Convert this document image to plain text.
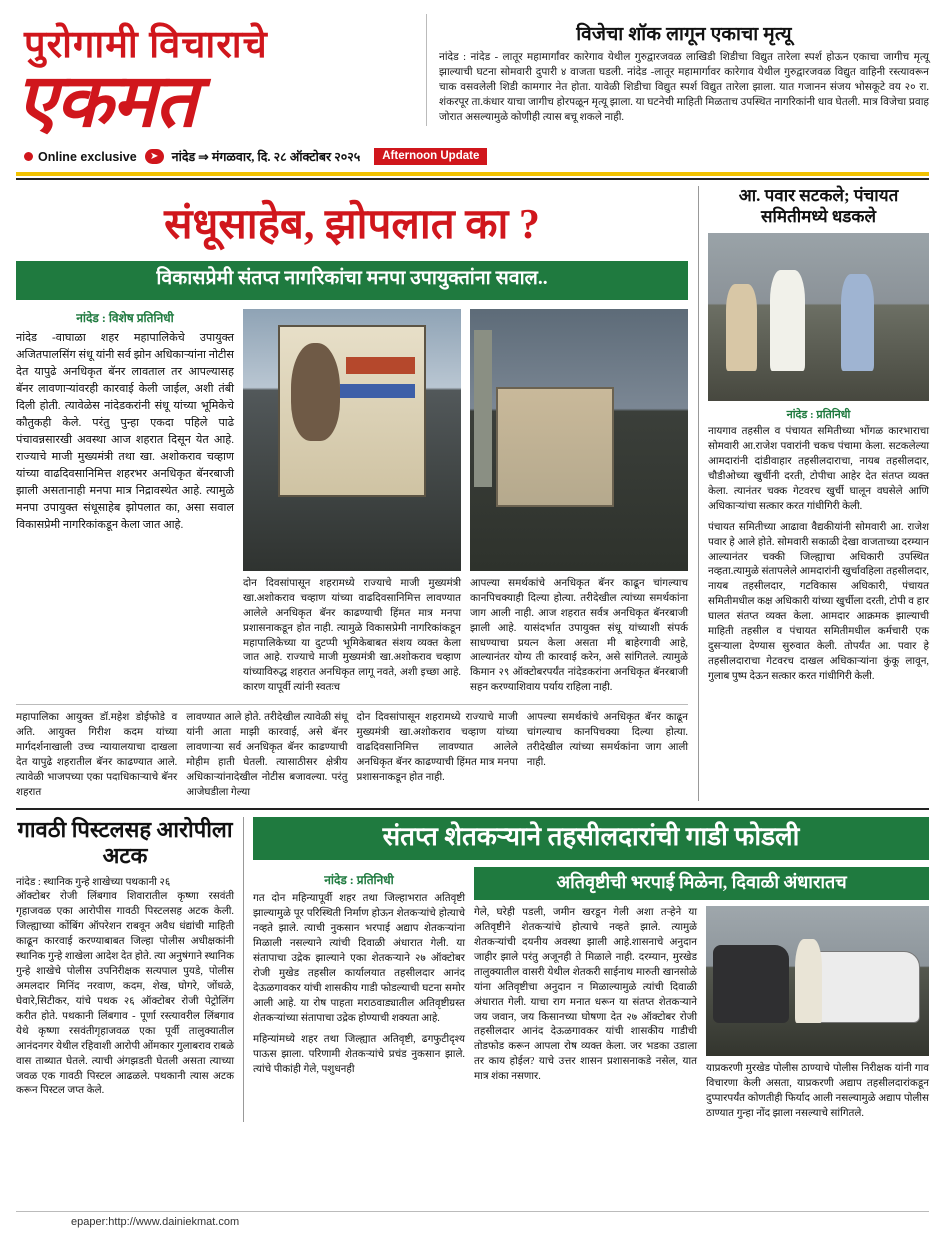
पुरोगामी विचाराचे
एकमत
विजेचा शॉक लागून एकाचा मृत्यू
नांदेड : नांदेड - लातूर महामार्गांवर कारेगाव येथील गुरुद्वारजवळ लाखिडी शिडीचा विद्युत तारेला स्पर्श होऊन एकाचा जागीच मृत्यू झाल्याची घटना सोमवारी दुपारी ४ वाजता घडली. नांदेड -लातूर महामार्गावर कारेगाव येथील गुरुद्वारजवळ विद्युत वाहिनी रस्त्यावरून चाक वसवलेली शिडी कामगार नेत होता. यावेळी शिडीचा विद्युत स्पर्श विद्युत तारेला झाला. यात गजानन संजय भोसकूटे वय २० रा. शंकरपूर ता.कंधार याचा जागीच होरपळून मृत्यू झाला. या घटनेची माहिती मिळताच उपस्थित नागरिकांनी धाव घेतली. मात्र विजेचा प्रवाह जोरात असल्यामुळे कोणीही त्यास बचू शकले नाही.
Online exclusive	➤	नांदेड ⇒ मंगळवार, दि. २८ ऑक्टोबर २०२५	Afternoon Update
संधूसाहेब, झोपलात का ?
विकासप्रेमी संतप्त नागरिकांचा मनपा उपायुक्तांना सवाल..
नांदेड : विशेष प्रतिनिधी
नांदेड -वाघाळा शहर महापालिकेचे उपायुक्त अजितपालसिंग संधू यांनी सर्व झोन अधिकाऱ्यांना नोटीस देत यापुढे अनधिकृत बॅनर लावताल तर आपल्यासह बॅनर लावणाऱ्यांवरही कारवाई केली जाईल, अशी तंबी दिली होती. त्यावेळेस नांदेडकरांनी संधू यांच्या भूमिकेचे कौतुकही केले. परंतु पुन्हा एकदा पहिले पाढे पंचावन्नसारखी अवस्था आज शहरात दिसून येत आहे. राज्याचे माजी मुख्यमंत्री तथा खा. अशोकराव चव्हाण यांच्या वाढदिवसानिमित्त शहरभर अनधिकृत बॅनरबाजी झाली असतानाही मनपा मात्र निद्रावस्थेत आहे. त्यामुळे मनपा उपायुक्त संधूसाहेब झोपलात का, असा सवाल विकासप्रेमी नागरिकांकडून केला जात आहे.
दोन दिवसांपासून शहरामध्ये राज्याचे माजी मुख्यमंत्री खा.अशोकराव चव्हाण यांच्या वाढदिवसानिमित्त लावण्यात आलेले अनधिकृत बॅनर काढण्याची हिंमत मात्र मनपा प्रशासनाकडून होत नाही. त्यामुळे विकासप्रेमी नागरिकांकडून महापालिकेच्या या दुटप्पी भूमिकेबाबत संशय व्यक्त केला जात आहे. राज्याचे माजी मुख्यमंत्री खा.अशोकराव चव्हाण यांच्याविरुद्ध शहरात अनधिकृत लागू नवते, अशी इच्छा आहे. कारण यापूर्वी त्यांनी स्वतःच
आपल्या समर्थकांचे अनधिकृत बॅनर काढून चांगल्याच कानपिचक्याही दिल्या होत्या. तरीदेखील त्यांच्या समर्थकांना जाग आली नाही. आज शहरात सर्वत्र अनधिकृत बॅनरबाजी झाली आहे. यासंदर्भात उपायुक्त संधू यांच्याशी संपर्क साधण्याचा प्रयत्न केला असता मी बाहेरगावी आहे, आल्यानंतर योग्य ती कारवाई करेन, असे सांगितले. त्यामुळे किमान २९ ऑक्टोबरपर्यंत नांदेडकरांना अनधिकृत बॅनरबाजी सहन करण्याशिवाय पर्याय राहिला नाही.
महापालिका आयुक्त डॉ.महेश डोईफोडे व अति. आयुक्त गिरीश कदम यांच्या मार्गदर्शनाखाली उच्च न्यायालयाचा दाखला देत यापुढे शहरातील बॅनर काढण्यात आले. त्यावेळी भाजपच्या एका पदाधिकाऱ्याचे बॅनर शहरात
लावण्यात आले होते. तरीदेखील त्यावेळी संधू यांनी आता माझी कारवाई, असे बॅनर लावणाऱ्या सर्व अनधिकृत बॅनर काढण्याची मोहीम हाती घेतली. त्यासाठीसर क्षेत्रीय अधिकाऱ्यांनादेखील नोटीस बजावल्या. परंतु आजेघडीला गेल्या
दोन दिवसांपासून शहरामध्ये राज्याचे माजी मुख्यमंत्री खा.अशोकराव चव्हाण यांच्या वाढदिवसानिमित्त लावण्यात आलेले अनधिकृत बॅनर काढण्याची हिंमत मात्र मनपा प्रशासनाकडून होत नाही.
आपल्या समर्थकांचे अनधिकृत बॅनर काढून चांगल्याच कानपिचक्या दिल्या होत्या. तरीदेखील त्यांच्या समर्थकांना जाग आली नाही.
आ. पवार सटकले; पंचायत समितीमध्ये धडकले
नांदेड : प्रतिनिधी
नायगाव तहसील व पंचायत समितीच्या भोंगळ कारभाराचा सोमवारी आ.राजेश पवारांनी चकच पंचामा केला. सटकलेल्या आमदारांनी दांडीवाहार तहसीलदाराचा, नायब तहसीलदार, चौडीओच्या खुर्चीनी दरती, टोपीचा आहेर देत संतप्त व्यक्त केला. त्यानंतर चक्क गेटवरच खुर्ची घालून वघसेले आणि अधिकाऱ्यांचा सत्कार करत गांधीगिरी केली.
पंचायत समितीच्या आढावा वैद्यकीयांनी सोमवारी आ. राजेश पवार हे आले होते. सोमवारी सकाळी देखा वाजताच्या दरम्यान आल्यानंतर चक्की जिल्ह्याचा अधिकारी उपस्थित नव्हता.त्यामुळे संतापलेले आमदारांनी खुर्चावहिला तहसीलदार, नायब तहसीलदार, गटविकास अधिकारी, पंचायत समितीमधील कक्ष अधिकारी यांच्या खुर्चीला दरती, टोपी व हार घालत संतप्त व्यक्त केला. आमदार आक्रमक झाल्याची माहिती तहसील व पंचायत समितीमधील कर्मचारी एक दुसऱ्याला देण्यास सुरुवात केली. तोपर्यंत आ. पवार हे तहसीलदाराचा गेटवरच दाखल अधिकाऱ्यांना कुंकू लावून, गुलाब पुष्प देऊन सत्कार करत गांधीगिरी केली.
गावठी पिस्टलसह आरोपीला अटक
नांदेड : स्थानिक गुन्हे शाखेच्या पथकानी २६
ऑक्टोबर रोजी लिंबगाव शिवारातील कृष्णा रसवंती गृहाजवळ एका आरोपीस गावठी पिस्टलसह अटक केली. जिल्ह्याच्या कोंबिंग ऑपरेशन राबवून अवैध धंद्यांची माहिती काढून कारवाई करण्याबाबत जिल्हा पोलीस अधीक्षकांनी स्थानिक गुन्हे शाखेला आदेश देत होते. त्या अनुषंगाने स्थानिक गुन्हे शाखेचे पोलीस उपनिरीक्षक सत्यपाल पुयडे, पोलीस अमलदार मिनिंद नरवाण, कदम, शेख, घोगरे, जोंधळे, घेवारे,सिटीकर, यांचे पथक २६ ऑक्टोबर रोजी पेट्रोलिंग करीत होते. पथकानी लिंबगाव - पूर्णा रस्त्यावरील लिंबगाव येथे कृष्णा रसवंतीगृहाजवळ एका पूर्वी तालुक्यातील आनंदनगर येथील रहिवाशी आरोपी ओंमकार गुलाबराव राबळे वास ताब्यात घेतले. त्याची अंगझडती घेतली असता त्याच्या जवळ एक गावठी पिस्टल आढळले. पथकानी त्यास अटक करून पिस्टल जप्त केले.
संतप्त शेतकऱ्याने तहसीलदारांची गाडी फोडली
नांदेड : प्रतिनिधी
गत दोन महिन्यापूर्वी शहर तथा जिल्हाभरात अतिवृष्टी झाल्यामुळे पूर परिस्थिती निर्माण होऊन शेतकऱ्यांचे होत्याचे नव्हते झाले. त्याची नुकसान भरपाई अद्याप शेतकऱ्यांना मिळाली नसल्याने त्यांची दिवाळी अंधारात गेली. या संतापाचा उद्रेक झाल्याने एका शेतकऱ्याने २७ ऑक्टोबर रोजी मुखेड तहसील कार्यालयात तहसीलदार आनंद देऊळगावकर यांची शासकीय गाडी फोडल्याची घटना समोर आली आहे. या रोष पाहता मराठवाड्यातील अतिवृष्टीग्रस्त शेतकऱ्यांच्या संतापाचा उद्रेक होण्याची शक्यता आहे.
महिन्यांमध्ये शहर तथा जिल्ह्यात अतिवृष्टी, ढगफुटीदृश्य पाऊस झाला. परिणामी शेतकऱ्यांचे प्रचंड नुकसान झाले. त्यांचे पीकांही गेले, पशुधनही
अतिवृष्टीची भरपाई मिळेना, दिवाळी अंधारातच
गेले, घरेही पडली, जमीन खरडून गेली अशा तऱ्हेने या अतिवृष्टीने शेतकऱ्यांचे होत्याचे नव्हते झाले. त्यामुळे शेतकऱ्यांची दयनीय अवस्था झाली आहे.शासनाचे अनुदान जाहीर झाले परंतु अजूनही ते मिळाले नाही. दरम्यान, मुरखेड तालुक्यातील वासरी येथील शेतकरी साईनाथ मारुती खानसोळे यांना अतिवृष्टीचा अनुदान न मिळाल्यामुळे त्यांची दिवाळी अंधारात गेली. याचा राग मनात धरून या संतप्त शेतकऱ्याने जय जवान, जय किसानच्या घोषणा देत २७ ऑक्टोबर रोजी तहसीलदार आनंद देऊळगावकर यांची शासकीय गाडीची तोडफोड करून आपला रोष व्यक्त केला. जर भडका उडाला तर काय होईल? याचे उत्तर शासन प्रशासनाकडे नसेल, यात मात्र शंका नसणार.
याप्रकरणी मुरखेड पोलीस ठाण्याचे पोलीस निरीक्षक यांनी गाव विचारणा केली असता, याप्रकरणी अद्याप तहसीलदारांकडून दुप्पारपर्यंत कोणतीही फिर्याद आली नसल्यामुळे अद्याप पोलीस ठाण्यात गुन्हा नोंद झाला नसल्याचे सांगितले.
epaper:http://www.dainiekmat.com
